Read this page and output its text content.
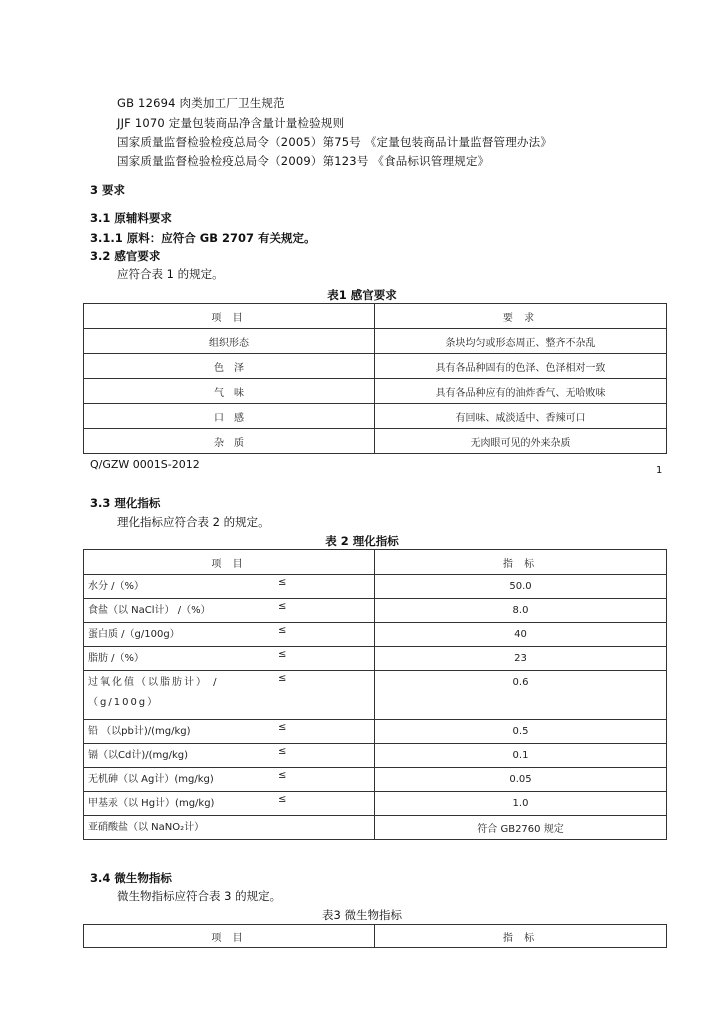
GB 12694 肉类加工厂卫生规范
JJF 1070 定量包装商品净含量计量检验规则
国家质量监督检验检疫总局令（2005）第75号 《定量包装商品计量监督管理办法》
国家质量监督检验检疫总局令（2009）第123号 《食品标识管理规定》
3 要求
3.1 原辅料要求
3.1.1 原料：应符合 GB 2707 有关规定。
3.2 感官要求
应符合表 1 的规定。
表1 感官要求
项 目	要 求
组织形态	条块均匀或形态周正、整齐不杂乱
色　泽	具有各品种固有的色泽、色泽相对一致
气　味	具有各品种应有的油炸香气、无哈败味
口　感	有回味、咸淡适中、香辣可口
杂　质	无肉眼可见的外来杂质
Q/GZW 0001S-2012	1
3.3 理化指标
理化指标应符合表 2 的规定。
表 2 理化指标
项 目	指 标
水分 /（%） ≤	50.0
食盐（以 NaCl计） /（%） ≤	8.0
蛋白质 /（g/100g） ≤	40
脂肪 /（%） ≤	23
过氧化值（以脂肪计） /（g/100g）≤	0.6
铅 （以pb计)/(mg/kg) ≤	0.5
镉（以Cd计)/(mg/kg) ≤	0.1
无机砷（以 Ag计）(mg/kg) ≤	0.05
甲基汞（以 Hg计）(mg/kg) ≤	1.0
亚硝酸盐（以 NaNO₂计）	符合 GB2760 规定
3.4 微生物指标
微生物指标应符合表 3 的规定。
表3 微生物指标
项 目	指 标
